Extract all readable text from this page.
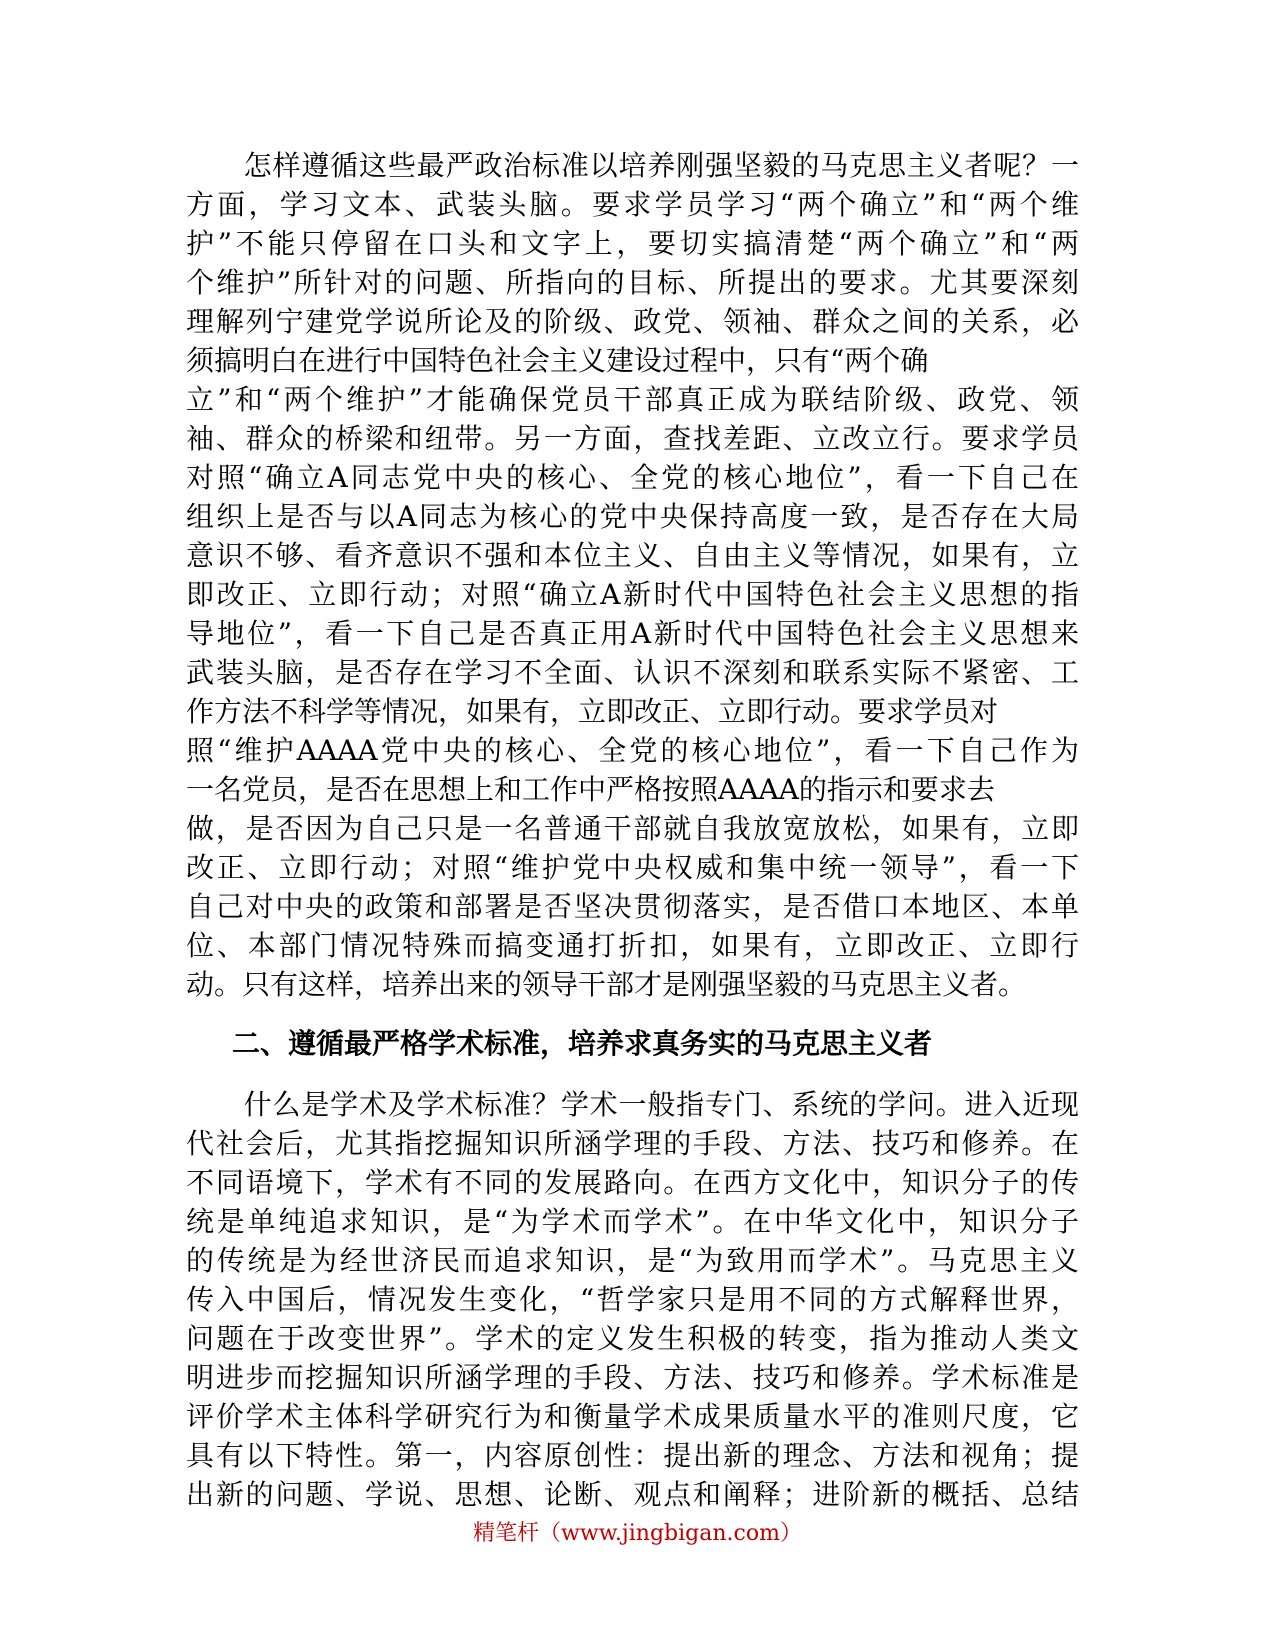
　　怎样遵循这些最严政治标准以培养刚强坚毅的马克思主义者呢？一
方面，学习文本、武装头脑。要求学员学习“两个确立”和“两个维
护”不能只停留在口头和文字上，要切实搞清楚“两个确立”和“两
个维护”所针对的问题、所指向的目标、所提出的要求。尤其要深刻
理解列宁建党学说所论及的阶级、政党、领袖、群众之间的关系，必
须搞明白在进行中国特色社会主义建设过程中，只有“两个确
立”和“两个维护”才能确保党员干部真正成为联结阶级、政党、领
袖、群众的桥梁和纽带。另一方面，查找差距、立改立行。要求学员
对照“确立A同志党中央的核心、全党的核心地位”，看一下自己在
组织上是否与以A同志为核心的党中央保持高度一致，是否存在大局
意识不够、看齐意识不强和本位主义、自由主义等情况，如果有，立
即改正、立即行动；对照“确立A新时代中国特色社会主义思想的指
导地位”，看一下自己是否真正用A新时代中国特色社会主义思想来
武装头脑，是否存在学习不全面、认识不深刻和联系实际不紧密、工
作方法不科学等情况，如果有，立即改正、立即行动。要求学员对
照“维护AAAA党中央的核心、全党的核心地位”，看一下自己作为
一名党员，是否在思想上和工作中严格按照AAAA的指示和要求去
做，是否因为自己只是一名普通干部就自我放宽放松，如果有，立即
改正、立即行动；对照“维护党中央权威和集中统一领导”，看一下
自己对中央的政策和部署是否坚决贯彻落实，是否借口本地区、本单
位、本部门情况特殊而搞变通打折扣，如果有，立即改正、立即行
动。只有这样，培养出来的领导干部才是刚强坚毅的马克思主义者。
二、遵循最严格学术标准，培养求真务实的马克思主义者
　　什么是学术及学术标准？学术一般指专门、系统的学问。进入近现
代社会后，尤其指挖掘知识所涵学理的手段、方法、技巧和修养。在
不同语境下，学术有不同的发展路向。在西方文化中，知识分子的传
统是单纯追求知识，是“为学术而学术”。在中华文化中，知识分子
的传统是为经世济民而追求知识，是“为致用而学术”。马克思主义
传入中国后，情况发生变化，“哲学家只是用不同的方式解释世界，
问题在于改变世界”。学术的定义发生积极的转变，指为推动人类文
明进步而挖掘知识所涵学理的手段、方法、技巧和修养。学术标准是
评价学术主体科学研究行为和衡量学术成果质量水平的准则尺度，它
具有以下特性。第一，内容原创性：提出新的理念、方法和视角；提
出新的问题、学说、思想、论断、观点和阐释；进阶新的概括、总结
精笔杆（www.jingbigan.com）
